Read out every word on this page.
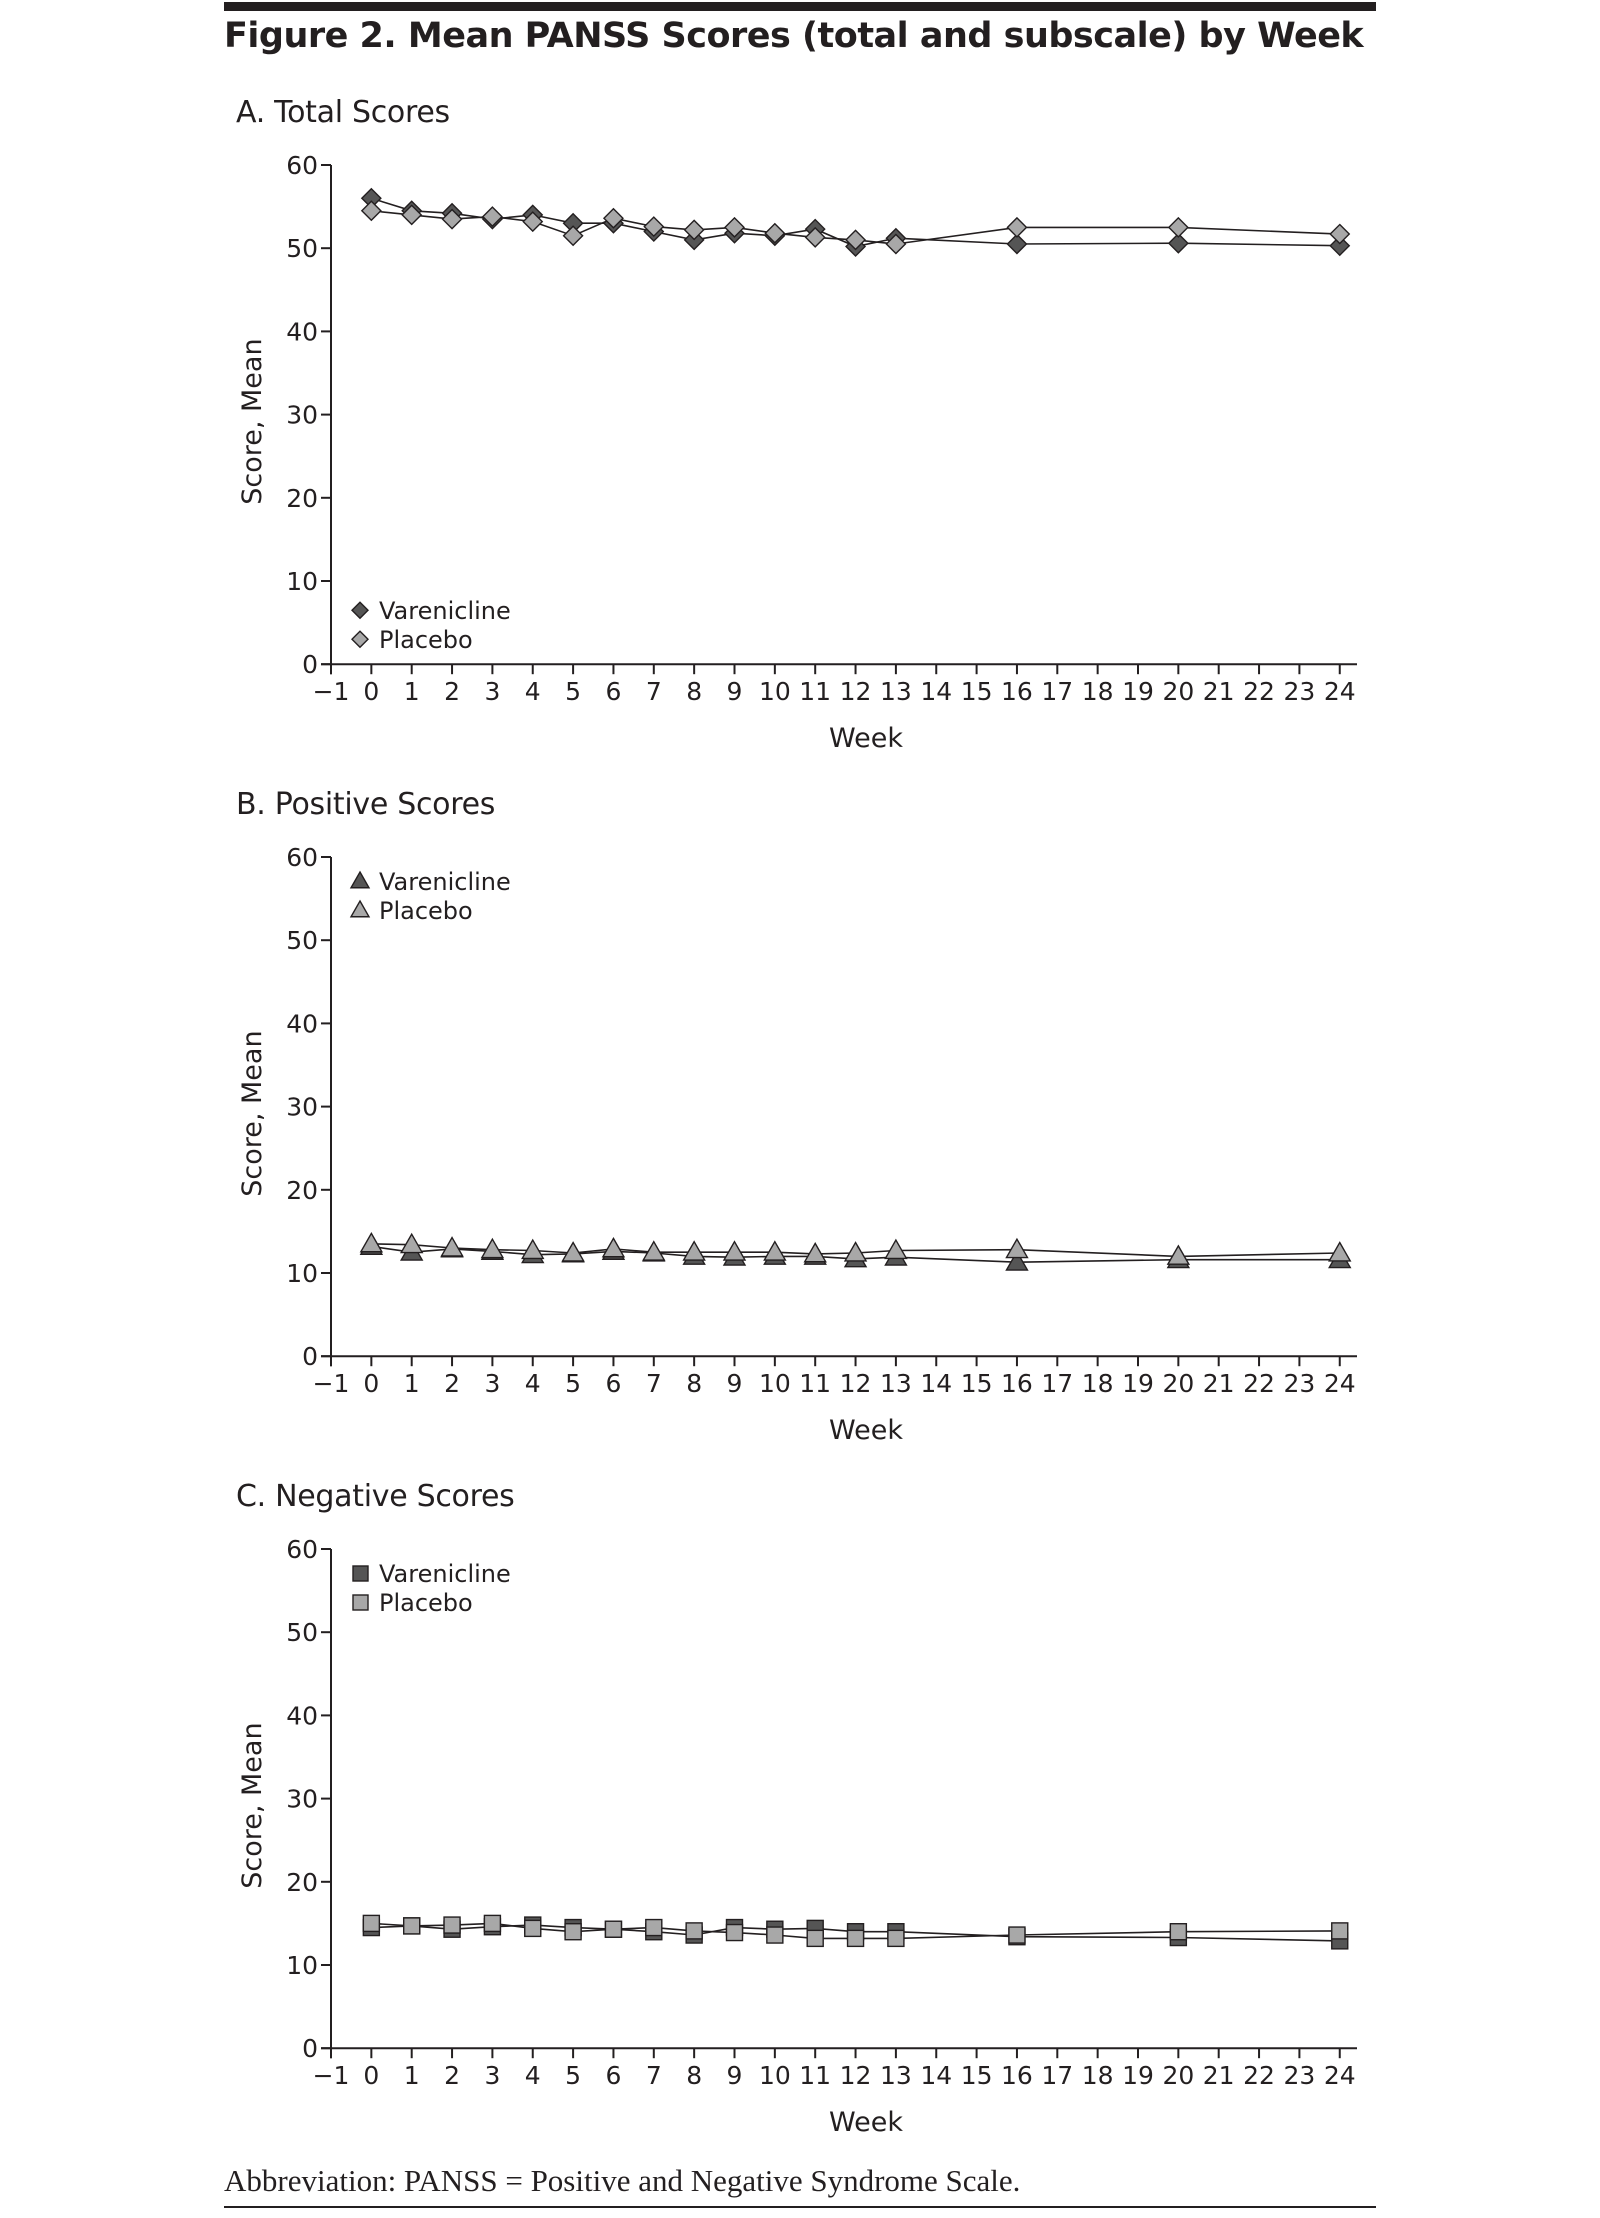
Figure 2. Mean PANSS Scores (total and subscale) by Week
A. Total Scores
B. Positive Scores
C. Negative Scores
0
10
20
30
40
50
60
−1 0 1 2 3 4 5 6 7 8 9 10 11 12 13 14 15 16 17 18 19 20 21 22 23 24
Week
Score, Mean
Varenicline
Placebo
0
10
20
30
40
50
60
−1 0 1 2 3 4 5 6 7 8 9 10 11 12 13 14 15 16 17 18 19 20 21 22 23 24
Week
Score, Mean
Varenicline
Placebo
0
10
20
30
40
50
60
−1 0 1 2 3 4 5 6 7 8 9 10 11 12 13 14 15 16 17 18 19 20 21 22 23 24
Week
Score, Mean
Varenicline
Placebo
Abbreviation: PANSS = Positive and Negative Syndrome Scale.
